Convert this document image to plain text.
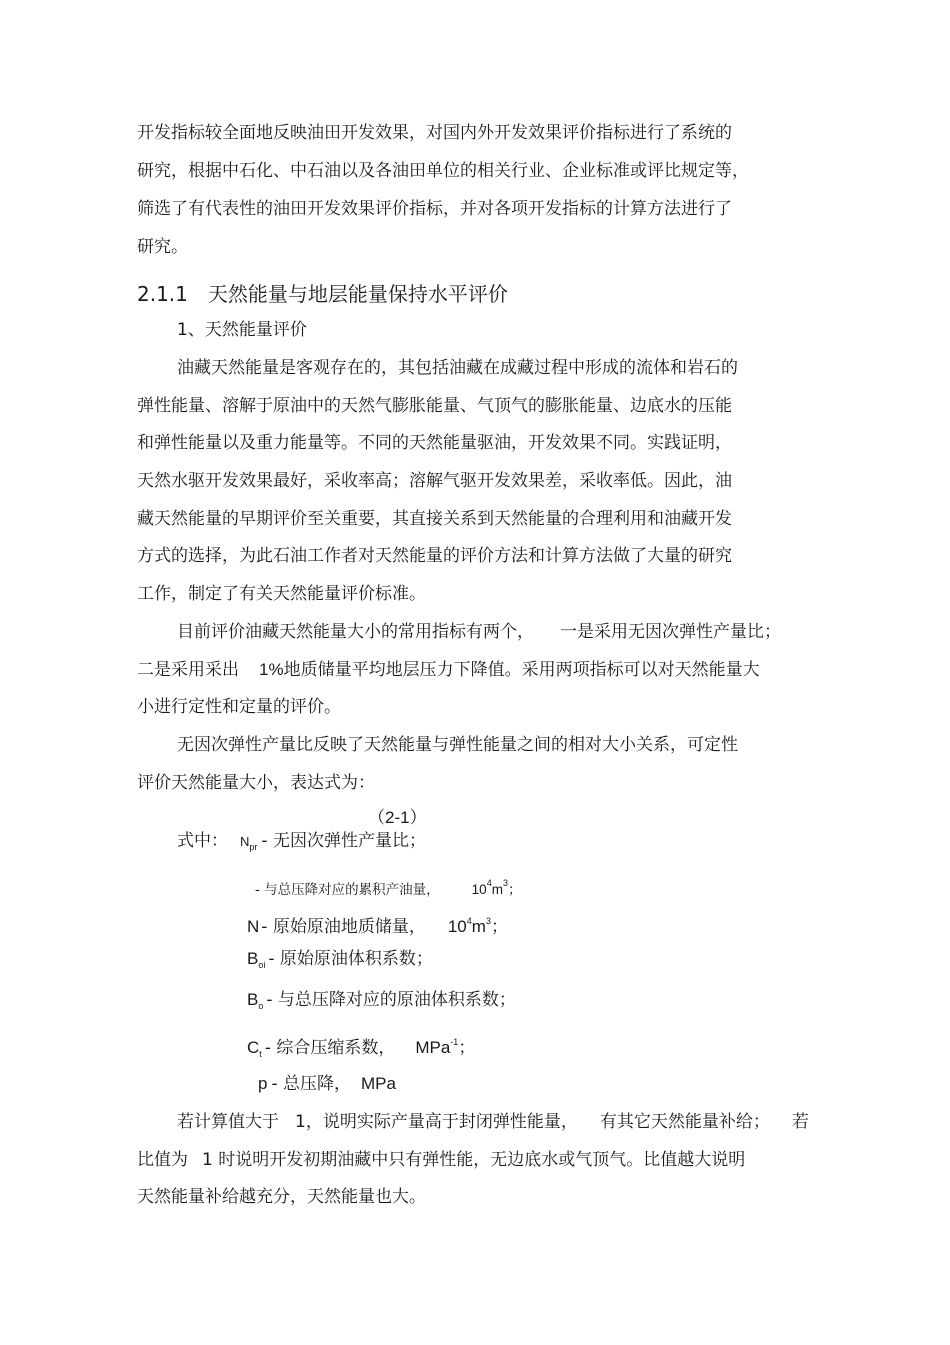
开发指标较全面地反映油田开发效果，对国内外开发效果评价指标进行了系统的
研究，根据中石化、中石油以及各油田单位的相关行业、企业标准或评比规定等，
筛选了有代表性的油田开发效果评价指标，并对各项开发指标的计算方法进行了
研究。
2.1.1 天然能量与地层能量保持水平评价
1、天然能量评价
油藏天然能量是客观存在的，其包括油藏在成藏过程中形成的流体和岩石的
弹性能量、溶解于原油中的天然气膨胀能量、气顶气的膨胀能量、边底水的压能
和弹性能量以及重力能量等。不同的天然能量驱油，开发效果不同。实践证明，
天然水驱开发效果最好，采收率高；溶解气驱开发效果差，采收率低。因此，油
藏天然能量的早期评价至关重要，其直接关系到天然能量的合理利用和油藏开发
方式的选择，为此石油工作者对天然能量的评价方法和计算方法做了大量的研究
工作，制定了有关天然能量评价标准。
目前评价油藏天然能量大小的常用指标有两个， 一是采用无因次弹性产量比；
二是采用采出 1%地质储量平均地层压力下降值。采用两项指标可以对天然能量大
小进行定性和定量的评价。
无因次弹性产量比反映了天然能量与弹性能量之间的相对大小关系，可定性
评价天然能量大小，表达式为：
（2-1）
式中： $N_{pr}$ - 无因次弹性产量比；
- 与总压降对应的累积产油量， $10^4m^3$；
N - 原始原油地质储量， $10^4m^3$；
$B_{oi}$ - 原始原油体积系数；
$B_o$ - 与总压降对应的原油体积系数；
$C_t$ - 综合压缩系数， MPa$^{-1}$；
p - 总压降， MPa
若计算值大于 1，说明实际产量高于封闭弹性能量， 有其它天然能量补给； 若
比值为 1 时说明开发初期油藏中只有弹性能，无边底水或气顶气。比值越大说明
天然能量补给越充分，天然能量也大。
